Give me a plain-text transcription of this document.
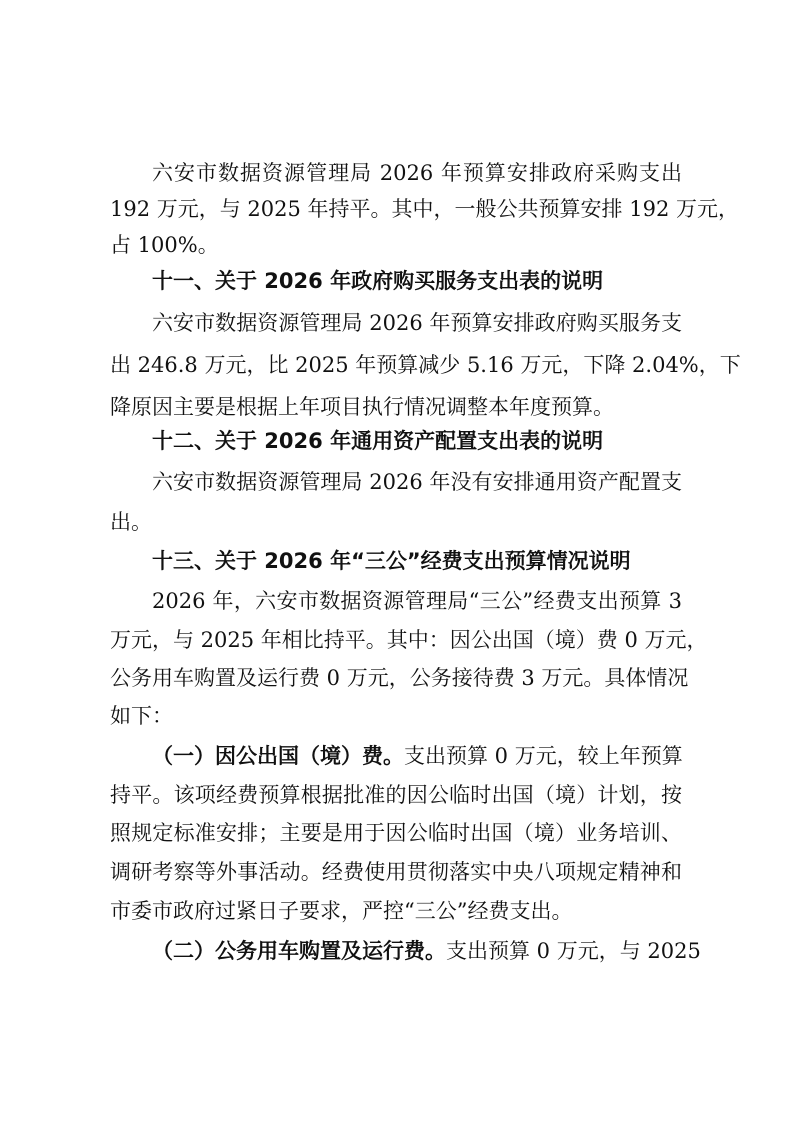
六安市数据资源管理局 2026 年预算安排政府采购支出
192 万元，与 2025 年持平。其中，一般公共预算安排 192 万元，
占 100%。
十一、关于 2026 年政府购买服务支出表的说明
六安市数据资源管理局 2026 年预算安排政府购买服务支
出 246.8 万元，比 2025 年预算减少 5.16 万元，下降 2.04%，下
降原因主要是根据上年项目执行情况调整本年度预算。
十二、关于 2026 年通用资产配置支出表的说明
六安市数据资源管理局 2026 年没有安排通用资产配置支
出。
十三、关于 2026 年“三公”经费支出预算情况说明
2026 年，六安市数据资源管理局“三公”经费支出预算 3
万元，与 2025 年相比持平。其中：因公出国（境）费 0 万元，
公务用车购置及运行费 0 万元，公务接待费 3 万元。具体情况
如下：
（一）因公出国（境）费。支出预算 0 万元，较上年预算
持平。该项经费预算根据批准的因公临时出国（境）计划，按
照规定标准安排；主要是用于因公临时出国（境）业务培训、
调研考察等外事活动。经费使用贯彻落实中央八项规定精神和
市委市政府过紧日子要求，严控“三公”经费支出。
（二）公务用车购置及运行费。支出预算 0 万元，与 2025
